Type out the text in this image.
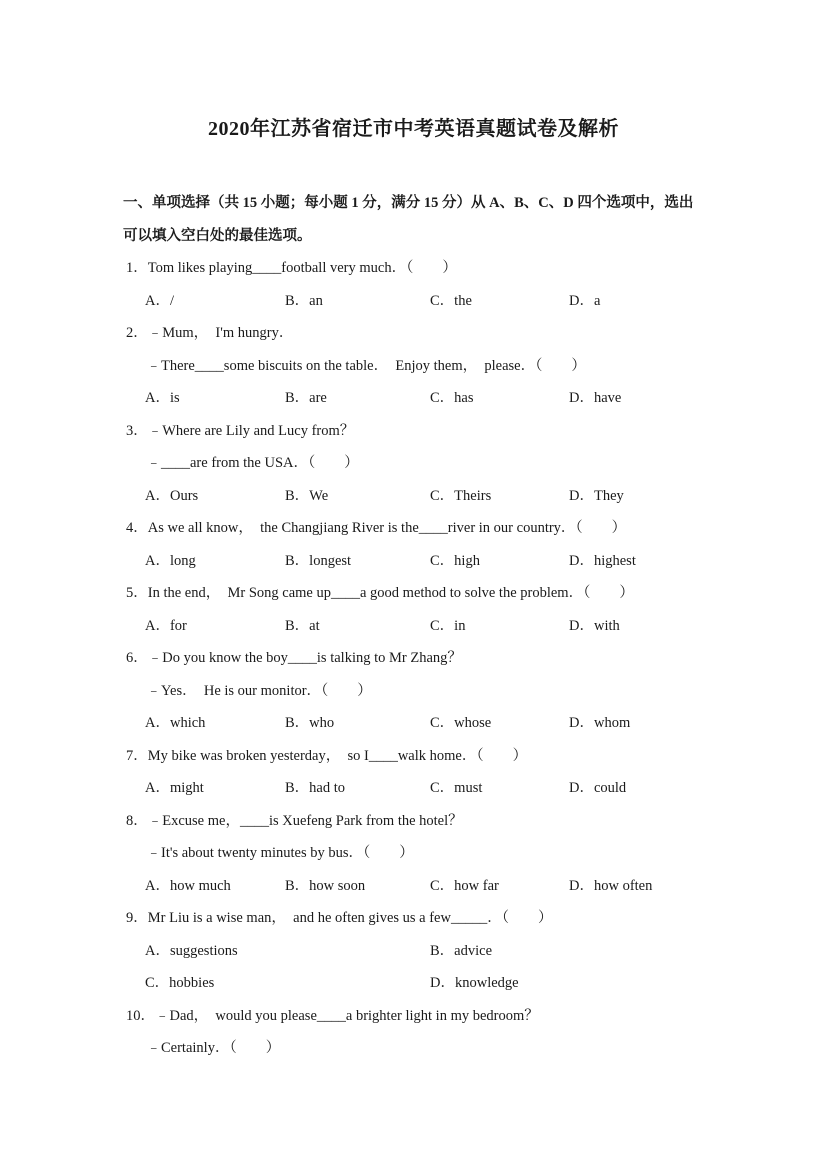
2020年江苏省宿迁市中考英语真题试卷及解析
一、单项选择（共 15 小题；每小题 1 分，满分 15 分）从 A、B、C、D 四个选项中，选出
可以填入空白处的最佳选项。
1．Tom likes playing____football very much．（　　）
A．/	B．an	C．the	D．a
2．﹣Mum，  I'm hungry．
　﹣There____some biscuits on the table．  Enjoy them，  please．（　　）
A．is	B．are	C．has	D．have
3．﹣Where are Lily and Lucy from？
　﹣____are from the USA．（　　）
A．Ours	B．We	C．Theirs	D．They
4．As we all know，  the Changjiang River is the____river in our country．（　　）
A．long	B．longest	C．high	D．highest
5．In the end，  Mr Song came up____a good method to solve the problem．（　　）
A．for	B．at	C．in	D．with
6．﹣Do you know the boy____is talking to Mr Zhang？
　﹣Yes．  He is our monitor．（　　）
A．which	B．who	C．whose	D．whom
7．My bike was broken yesterday，  so I____walk home．（　　）
A．might	B．had to	C．must	D．could
8．﹣Excuse me，____is Xuefeng Park from the hotel？
　﹣It's about twenty minutes by bus．（　　）
A．how much	B．how soon	C．how far	D．how often
9．Mr Liu is a wise man，  and he often gives us a few_____．（　　）
A．suggestions	B．advice
C．hobbies	D．knowledge
10．﹣Dad，  would you please____a brighter light in my bedroom？
　﹣Certainly．（　　）
